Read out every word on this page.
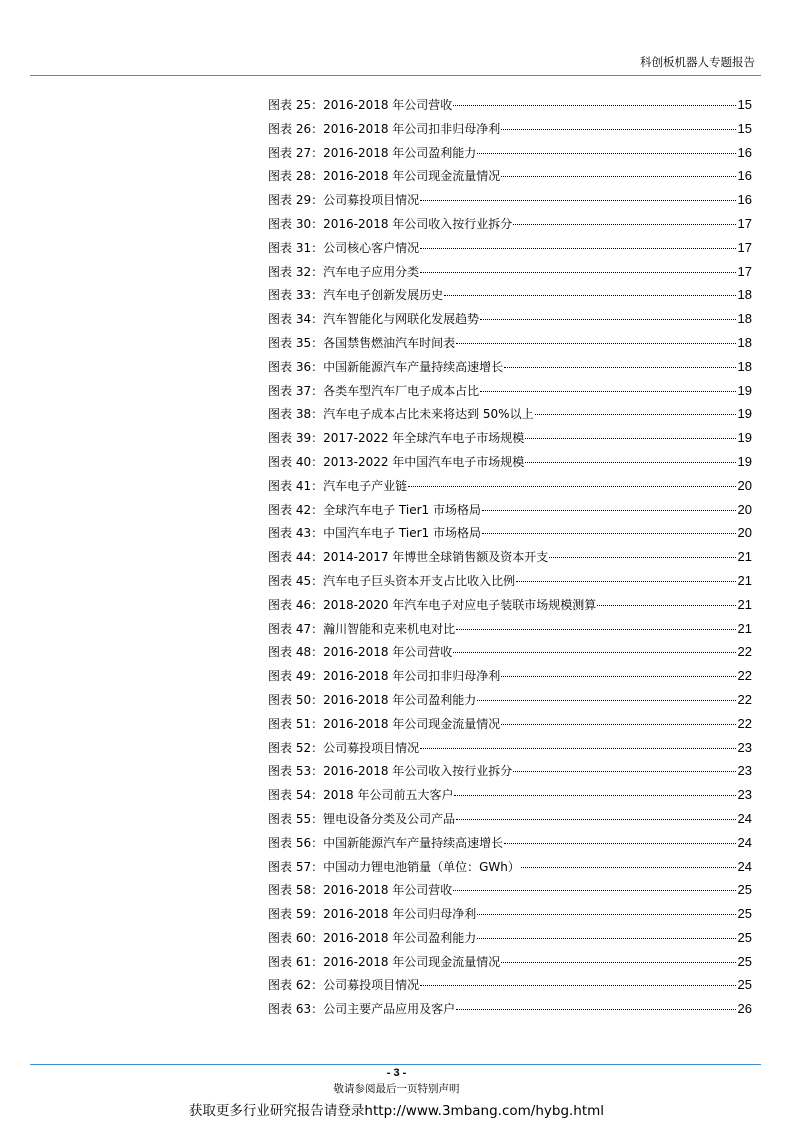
科创板机器人专题报告
图表 25：2016-2018 年公司营收	15
图表 26：2016-2018 年公司扣非归母净利	15
图表 27：2016-2018 年公司盈利能力	16
图表 28：2016-2018 年公司现金流量情况	16
图表 29：公司募投项目情况	16
图表 30：2016-2018 年公司收入按行业拆分	17
图表 31：公司核心客户情况	17
图表 32：汽车电子应用分类	17
图表 33：汽车电子创新发展历史	18
图表 34：汽车智能化与网联化发展趋势	18
图表 35：各国禁售燃油汽车时间表	18
图表 36：中国新能源汽车产量持续高速增长	18
图表 37：各类车型汽车厂电子成本占比	19
图表 38：汽车电子成本占比未来将达到 50%以上	19
图表 39：2017-2022 年全球汽车电子市场规模	19
图表 40：2013-2022 年中国汽车电子市场规模	19
图表 41：汽车电子产业链	20
图表 42：全球汽车电子 Tier1 市场格局	20
图表 43：中国汽车电子 Tier1 市场格局	20
图表 44：2014-2017 年博世全球销售额及资本开支	21
图表 45：汽车电子巨头资本开支占比收入比例	21
图表 46：2018-2020 年汽车电子对应电子装联市场规模测算	21
图表 47：瀚川智能和克来机电对比	21
图表 48：2016-2018 年公司营收	22
图表 49：2016-2018 年公司扣非归母净利	22
图表 50：2016-2018 年公司盈利能力	22
图表 51：2016-2018 年公司现金流量情况	22
图表 52：公司募投项目情况	23
图表 53：2016-2018 年公司收入按行业拆分	23
图表 54：2018 年公司前五大客户	23
图表 55：锂电设备分类及公司产品	24
图表 56：中国新能源汽车产量持续高速增长	24
图表 57：中国动力锂电池销量（单位：GWh）	24
图表 58：2016-2018 年公司营收	25
图表 59：2016-2018 年公司归母净利	25
图表 60：2016-2018 年公司盈利能力	25
图表 61：2016-2018 年公司现金流量情况	25
图表 62：公司募投项目情况	25
图表 63：公司主要产品应用及客户	26
- 3 -
敬请参阅最后一页特别声明
获取更多行业研究报告请登录http://www.3mbang.com/hybg.html
